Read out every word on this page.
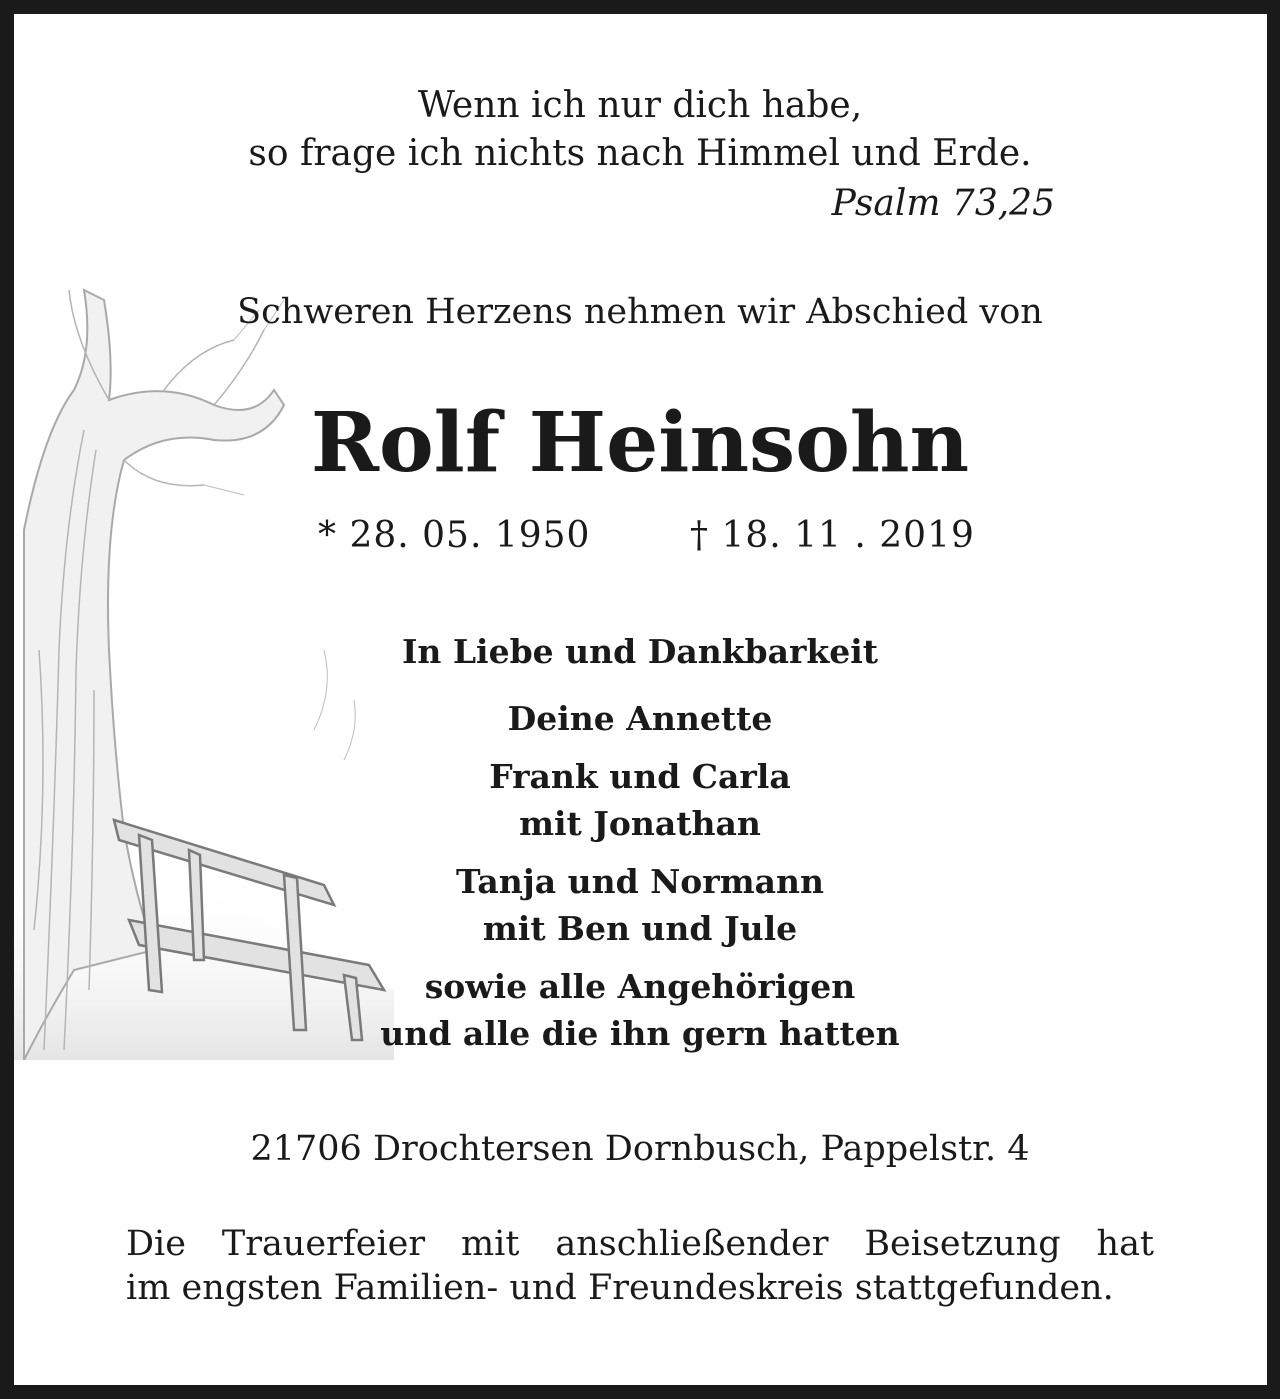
Wenn ich nur dich habe,
so frage ich nichts nach Himmel und Erde.
Psalm 73,25
Schweren Herzens nehmen wir Abschied von
Rolf Heinsohn
* 28. 05. 1950	† 18. 11 . 2019
In Liebe und Dankbarkeit
Deine Annette
Frank und Carla
mit Jonathan
Tanja und Normann
mit Ben und Jule
sowie alle Angehörigen
und alle die ihn gern hatten
21706 Drochtersen Dornbusch, Pappelstr. 4
Die Trauerfeier mit anschließender Beisetzung hat
im engsten Familien- und Freundeskreis stattgefunden.
